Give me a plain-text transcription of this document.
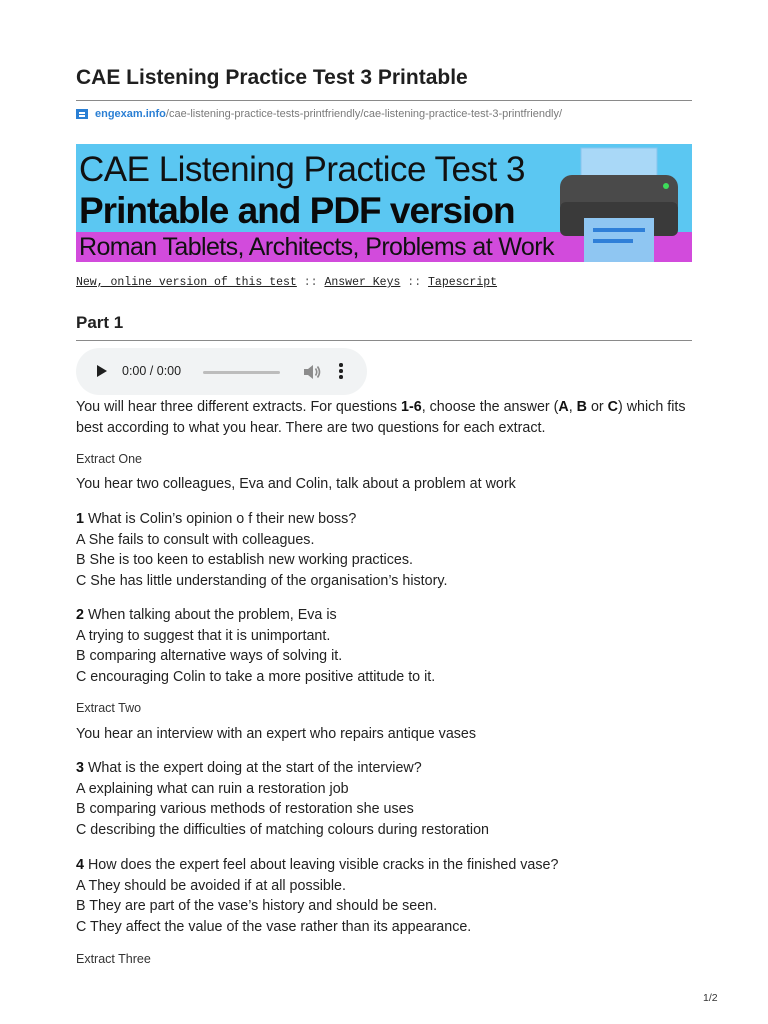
CAE Listening Practice Test 3 Printable
engexam.info /cae-listening-practice-tests-printfriendly/cae-listening-practice-test-3-printfriendly/
CAE Listening Practice Test 3
Printable and PDF version
Roman Tablets, Architects, Problems at Work
New, online version of this test :: Answer Keys :: Tapescript
Part 1
0:00 / 0:00
You will hear three different extracts. For questions 1-6, choose the answer (A, B or C) which fits best according to what you hear. There are two questions for each extract.
Extract One
You hear two colleagues, Eva and Colin, talk about a problem at work
1 What is Colin’s opinion o f their new boss?
A She fails to consult with colleagues.
B She is too keen to establish new working practices.
C She has little understanding of the organisation’s history.
2 When talking about the problem, Eva is
A trying to suggest that it is unimportant.
B comparing alternative ways of solving it.
C encouraging Colin to take a more positive attitude to it.
Extract Two
You hear an interview with an expert who repairs antique vases
3 What is the expert doing at the start of the interview?
A explaining what can ruin a restoration job
B comparing various methods of restoration she uses
C describing the difficulties of matching colours during restoration
4 How does the expert feel about leaving visible cracks in the finished vase?
A They should be avoided if at all possible.
B They are part of the vase’s history and should be seen.
C They affect the value of the vase rather than its appearance.
Extract Three
1/2
